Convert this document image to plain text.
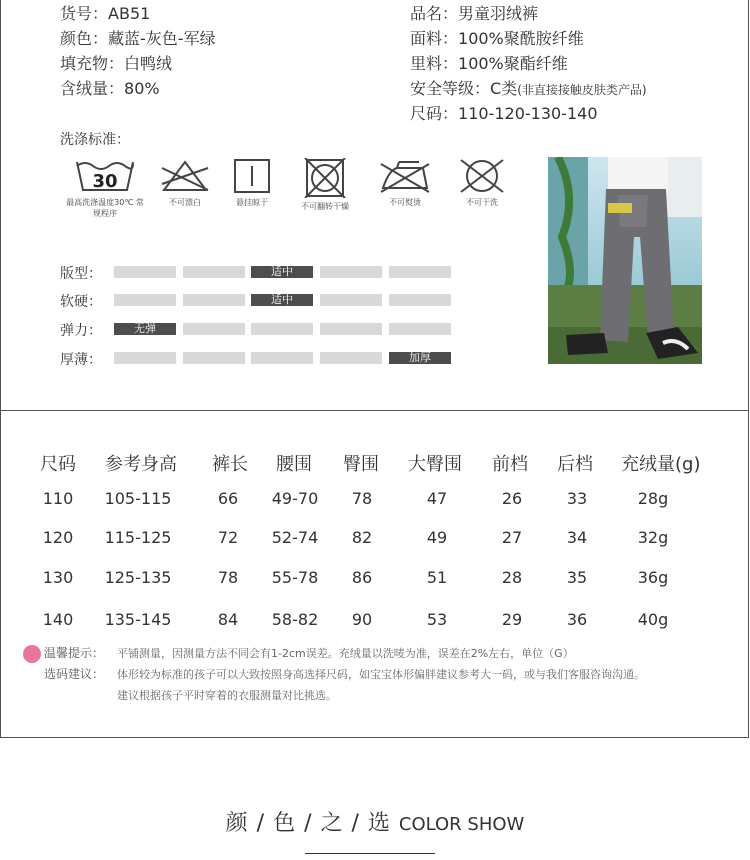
货号：AB51
颜色：藏蓝-灰色-军绿
填充物：白鸭绒
含绒量：80%
品名：男童羽绒裤
面料：100%聚酰胺纤维
里料：100%聚酯纤维
安全等级：C类(非直接接触皮肤类产品)
尺码：110-120-130-140
洗涤标准：
30
最高洗涤温度30℃ 常规程序
不可漂白	悬挂晾干	不可翻转干燥	不可熨烫	不可干洗
版型：	适中
软硬：	适中
弹力：	无弹
厚薄：	加厚
尺码 参考身高 裤长 腰围 臀围 大臀围 前档 后档 充绒量(g)
110 105-115	66 49-70 78	47	26	33	28g
120 115-125	72 52-74 82	49	27	34	32g
130 125-135	78 55-78 86	51	28	35	36g
140 135-145	84 58-82 90	53	29	36	40g
温馨提示： 平铺测量，因测量方法不同会有1-2cm误差。充绒量以洗唛为准，误差在2%左右，单位（G）
选码建议： 体形较为标准的孩子可以大致按照身高选择尺码，如宝宝体形偏胖建议参考大一码，或与我们客服咨询沟通。
建议根据孩子平时穿着的衣服测量对比挑选。
颜 / 色 / 之 / 选 COLOR SHOW
